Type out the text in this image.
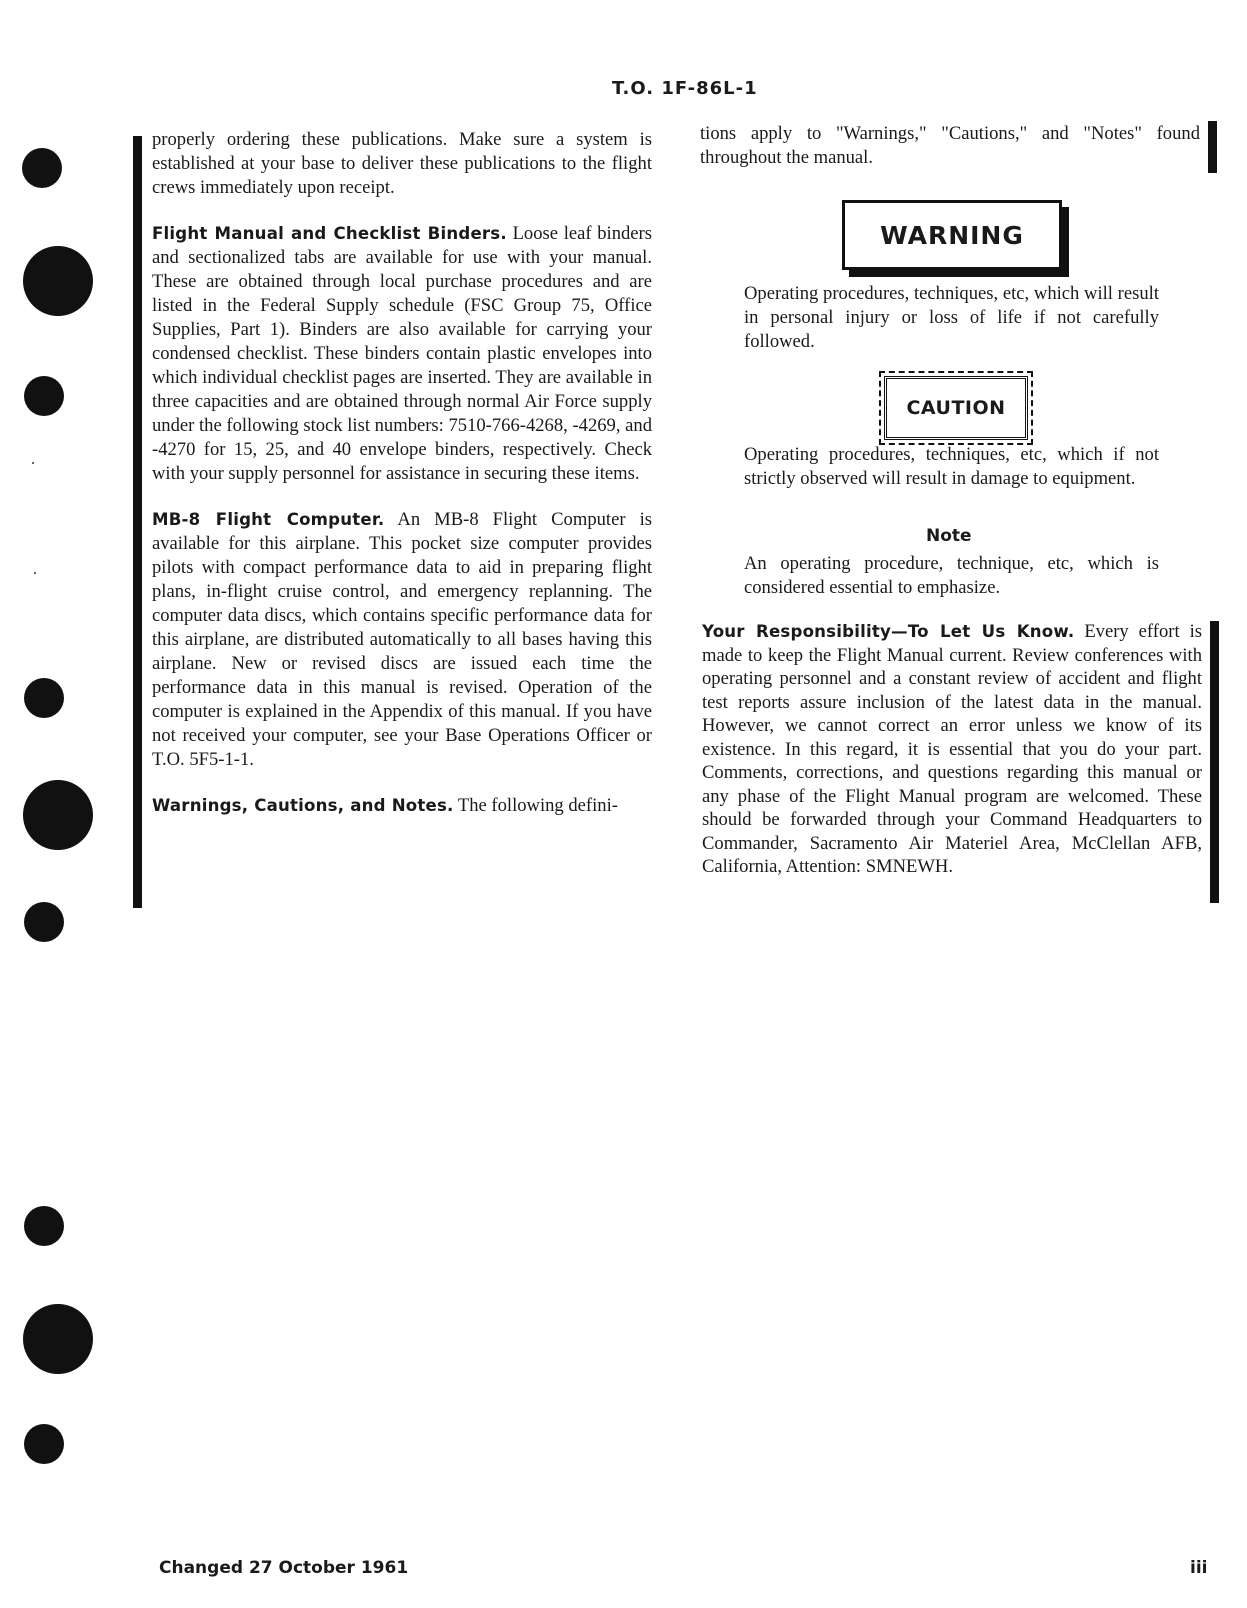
T.O. 1F-86L-1

properly ordering these publications. Make sure a system is established at your base to deliver these publications to the flight crews immediately upon receipt.

Flight Manual and Checklist Binders. Loose leaf binders and sectionalized tabs are available for use with your manual. These are obtained through local purchase procedures and are listed in the Federal Supply schedule (FSC Group 75, Office Supplies, Part 1). Binders are also available for carrying your condensed checklist. These binders contain plastic envelopes into which individual checklist pages are inserted. They are available in three capacities and are obtained through normal Air Force supply under the following stock list numbers: 7510-766-4268, -4269, and -4270 for 15, 25, and 40 envelope binders, respectively. Check with your supply personnel for assistance in securing these items.

MB-8 Flight Computer. An MB-8 Flight Computer is available for this airplane. This pocket size computer provides pilots with compact performance data to aid in preparing flight plans, in-flight cruise control, and emergency replanning. The computer data discs, which contains specific performance data for this airplane, are distributed automatically to all bases having this airplane. New or revised discs are issued each time the performance data in this manual is revised. Operation of the computer is explained in the Appendix of this manual. If you have not received your computer, see your Base Operations Officer or T.O. 5F5-1-1.

Warnings, Cautions, and Notes. The following defini-

tions apply to "Warnings," "Cautions," and "Notes" found throughout the manual.

WARNING

Operating procedures, techniques, etc, which will result in personal injury or loss of life if not carefully followed.

CAUTION

Operating procedures, techniques, etc, which if not strictly observed will result in damage to equipment.

Note

An operating procedure, technique, etc, which is considered essential to emphasize.

Your Responsibility—To Let Us Know. Every effort is made to keep the Flight Manual current. Review conferences with operating personnel and a constant review of accident and flight test reports assure inclusion of the latest data in the manual. However, we cannot correct an error unless we know of its existence. In this regard, it is essential that you do your part. Comments, corrections, and questions regarding this manual or any phase of the Flight Manual program are welcomed. These should be forwarded through your Command Headquarters to Commander, Sacramento Air Materiel Area, McClellan AFB, California, Attention: SMNEWH.

Changed 27 October 1961	iii
